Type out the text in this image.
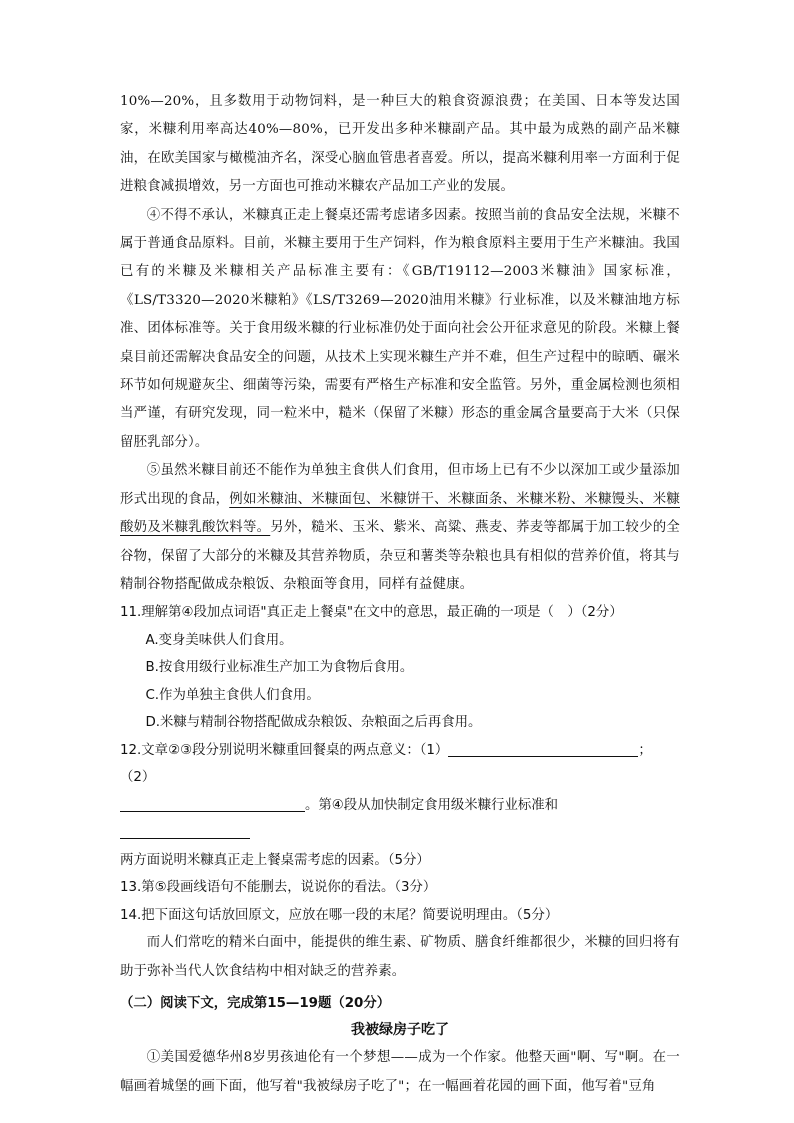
10%—20%，且多数用于动物饲料，是一种巨大的粮食资源浪费；在美国、日本等发达国家，米糠利用率高达40%—80%，已开发出多种米糠副产品。其中最为成熟的副产品米糠油，在欧美国家与橄榄油齐名，深受心脑血管患者喜爱。所以，提高米糠利用率一方面利于促进粮食减损增效，另一方面也可推动米糠农产品加工产业的发展。

④不得不承认，米糠真正走上餐桌还需考虑诸多因素。按照当前的食品安全法规，米糠不属于普通食品原料。目前，米糠主要用于生产饲料，作为粮食原料主要用于生产米糠油。我国已有的米糠及米糠相关产品标准主要有：《GB/T19112—2003米糠油》国家标准，《LS/T3320—2020米糠粕》《LS/T3269—2020油用米糠》行业标准，以及米糠油地方标准、团体标准等。关于食用级米糠的行业标准仍处于面向社会公开征求意见的阶段。米糠上餐桌目前还需解决食品安全的问题，从技术上实现米糠生产并不难，但生产过程中的晾晒、碾米环节如何规避灰尘、细菌等污染，需要有严格生产标准和安全监管。另外，重金属检测也须相当严谨，有研究发现，同一粒米中，糙米（保留了米糠）形态的重金属含量要高于大米（只保留胚乳部分）。

⑤虽然米糠目前还不能作为单独主食供人们食用，但市场上已有不少以深加工或少量添加形式出现的食品，例如米糠油、米糠面包、米糠饼干、米糠面条、米糠米粉、米糠馒头、米糠酸奶及米糠乳酸饮料等。另外，糙米、玉米、紫米、高粱、燕麦、荞麦等都属于加工较少的全谷物，保留了大部分的米糠及其营养物质，杂豆和薯类等杂粮也具有相似的营养价值，将其与精制谷物搭配做成杂粮饭、杂粮面等食用，同样有益健康。

11.理解第④段加点词语"真正走上餐桌"在文中的意思，最正确的一项是（　）（2分）

A.变身美味供人们食用。

B.按食用级行业标准生产加工为食物后食用。

C.作为单独主食供人们食用。

D.米糠与精制谷物搭配做成杂粮饭、杂粮面之后再食用。

12.文章②③段分别说明米糠重回餐桌的两点意义：（1）	；（2）

。第④段从加快制定食用级米糠行业标准和

两方面说明米糠真正走上餐桌需考虑的因素。（5分）

13.第⑤段画线语句不能删去，说说你的看法。（3分）

14.把下面这句话放回原文，应放在哪一段的末尾？简要说明理由。（5分）

而人们常吃的精米白面中，能提供的维生素、矿物质、膳食纤维都很少，米糠的回归将有助于弥补当代人饮食结构中相对缺乏的营养素。

（二）阅读下文，完成第15—19题（20分）

我被绿房子吃了

①美国爱德华州8岁男孩迪伦有一个梦想——成为一个作家。他整天画"啊、写"啊。在一幅画着城堡的画下面，他写着"我被绿房子吃了"；在一幅画着花园的画下面，他写着"豆角
